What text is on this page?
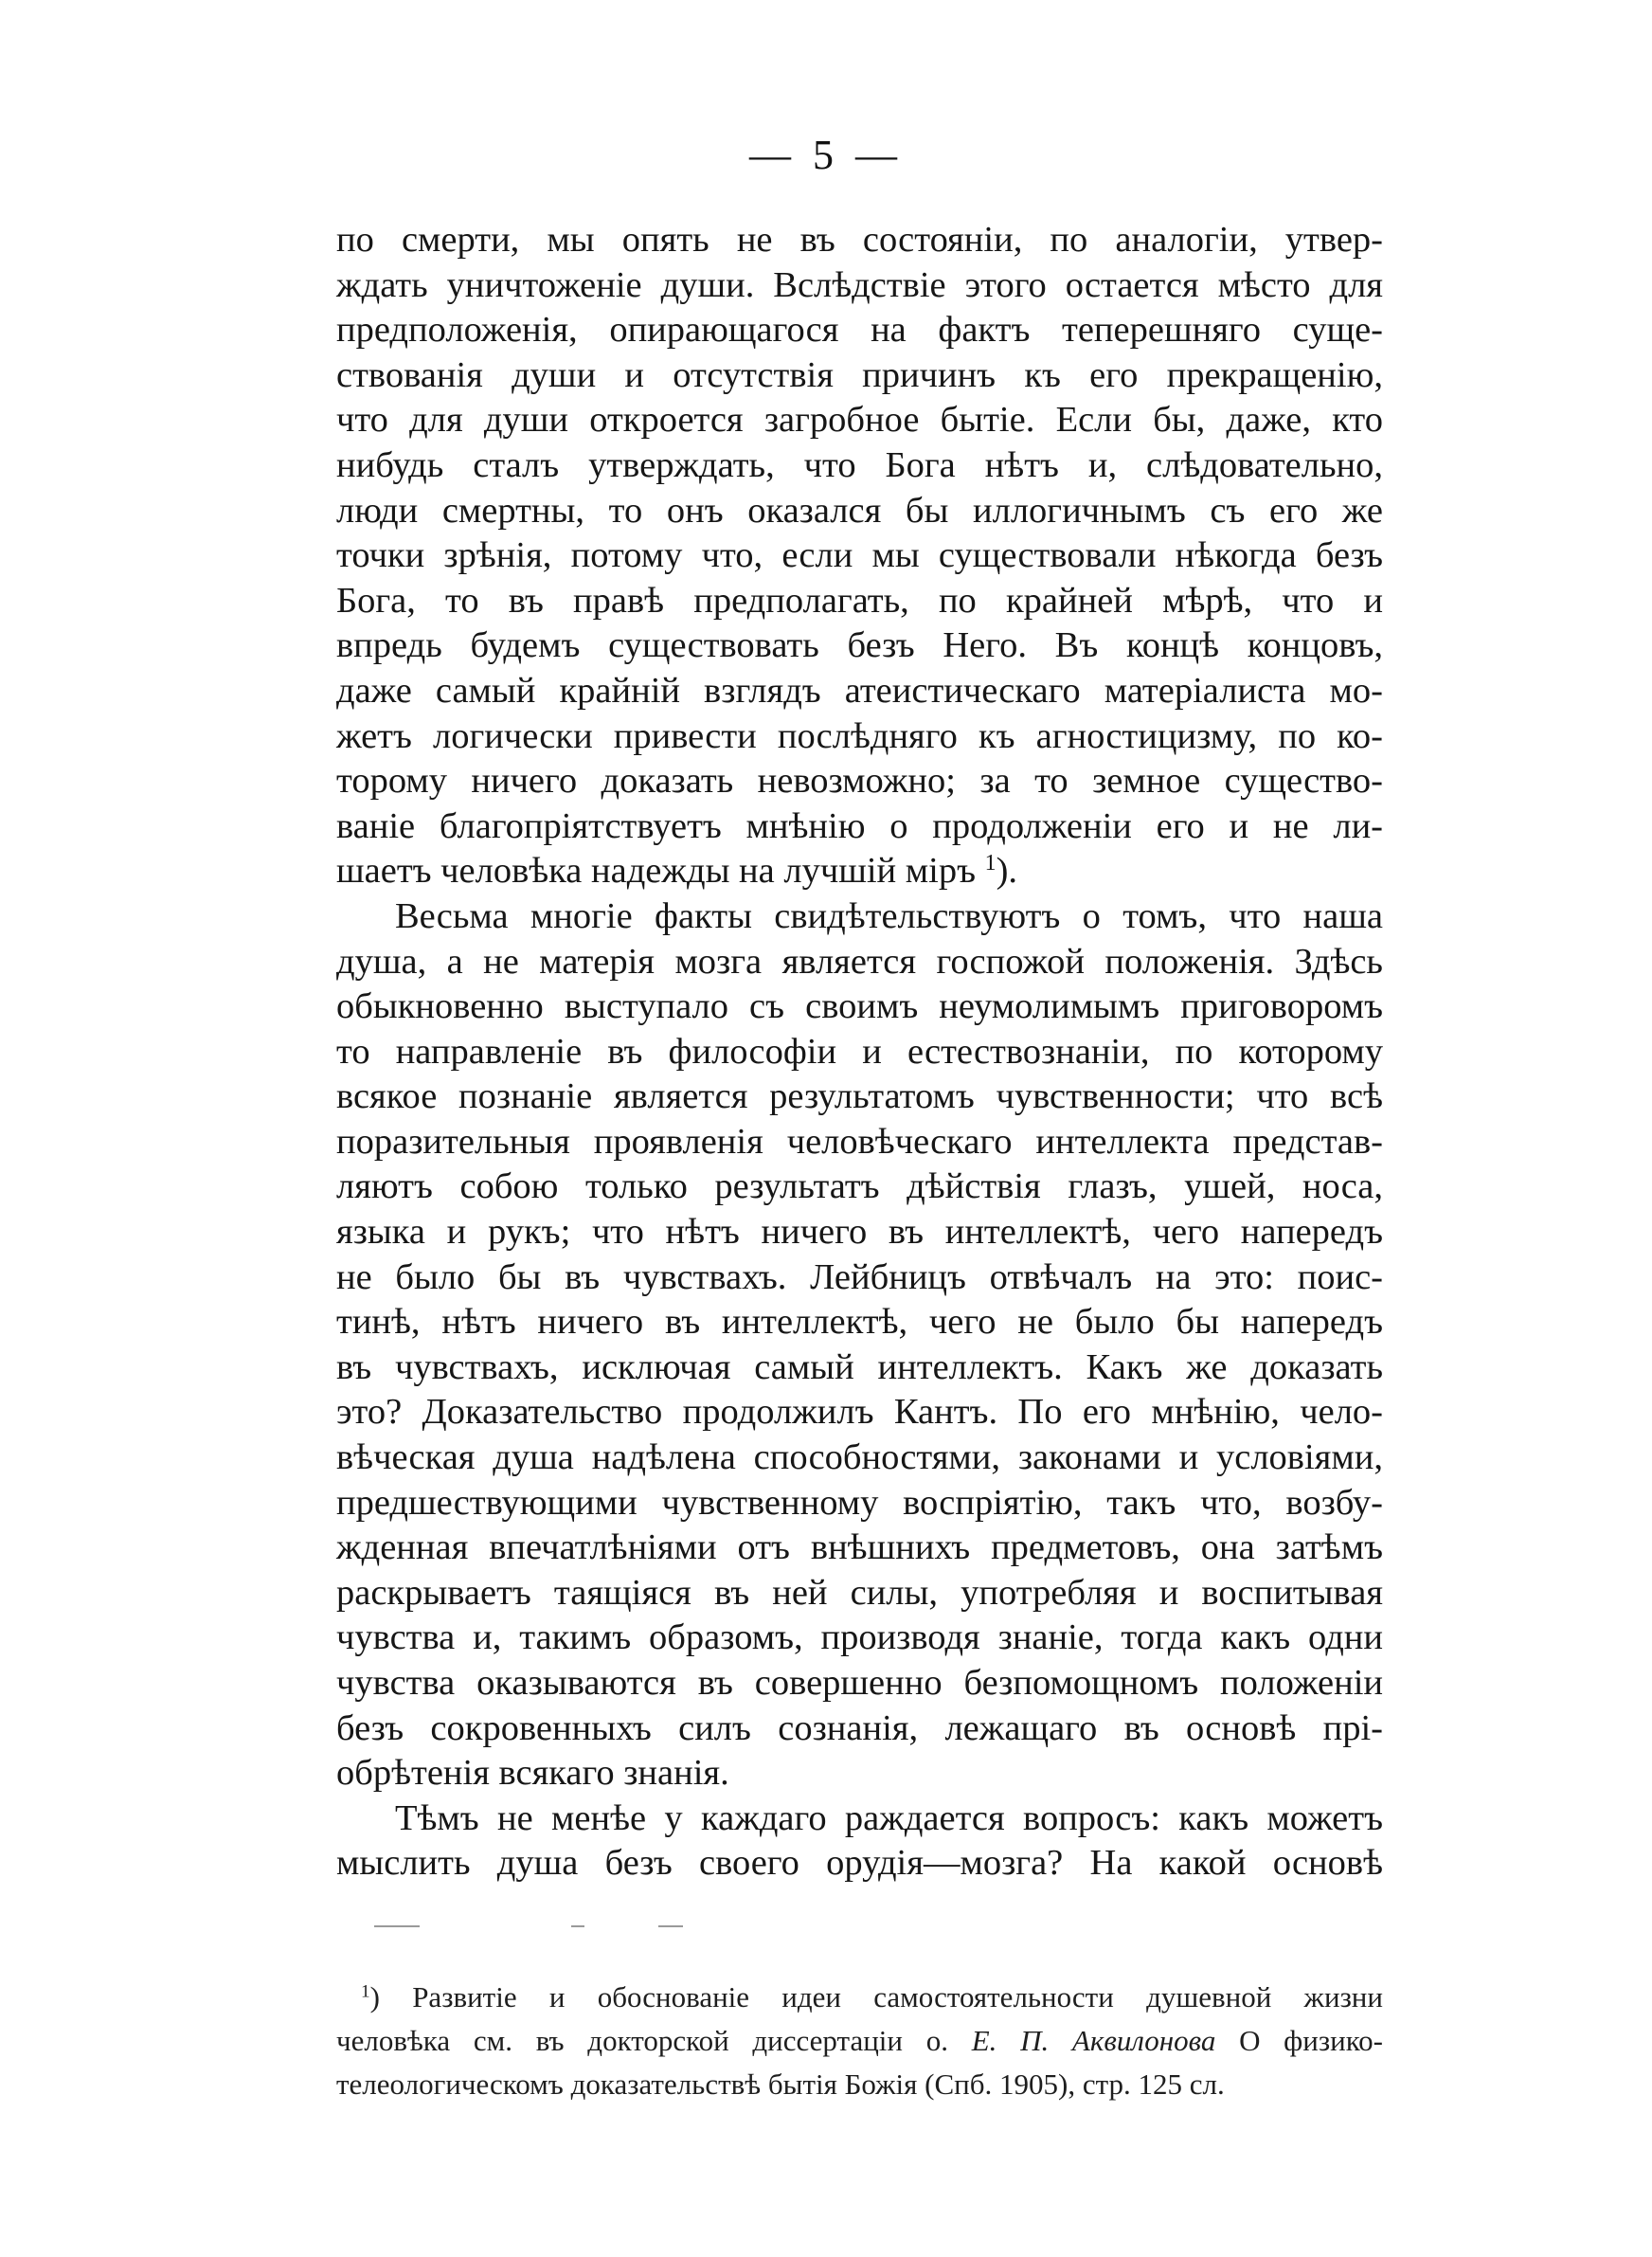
— 5 —
по смерти, мы опять не въ состоянiи, по аналогiи, утвер-
ждать уничтоженiе души. Вслѣдствiе этого остается мѣсто для
предположенiя, опирающагося на фактъ теперешняго суще-
ствованiя души и отсутствiя причинъ къ его прекращенiю,
что для души откроется загробное бытiе. Если бы, даже, кто
нибудь сталъ утверждать, что Бога нѣтъ и, слѣдовательно,
люди смертны, то онъ оказался бы иллогичнымъ съ его же
точки зрѣнiя, потому что, если мы существовали нѣкогда безъ
Бога, то въ правѣ предполагать, по крайней мѣрѣ, что и
впредь будемъ существовать безъ Него. Въ концѣ концовъ,
даже самый крайнiй взглядъ атеистическаго матерiалиста мо-
жетъ логически привести послѣдняго къ агностицизму, по ко-
торому ничего доказать невозможно; за то земное существо-
ванiе благопрiятствуетъ мнѣнiю о продолженiи его и не ли-
шаетъ человѣка надежды на лучшiй мiръ $^1$).
Весьма многiе факты свидѣтельствуютъ о томъ, что наша
душа, а не матерiя мозга является госпожой положенiя. Здѣсь
обыкновенно выступало съ своимъ неумолимымъ приговоромъ
то направленiе въ философiи и естествознанiи, по которому
всякое познанiе является результатомъ чувственности; что всѣ
поразительныя проявленiя человѣческаго интеллекта представ-
ляютъ собою только результатъ дѣйствiя глазъ, ушей, носа,
языка и рукъ; что нѣтъ ничего въ интеллектѣ, чего напередъ
не было бы въ чувствахъ. Лейбницъ отвѣчалъ на это: поис-
тинѣ, нѣтъ ничего въ интеллектѣ, чего не было бы напередъ
въ чувствахъ, исключая самый интеллектъ. Какъ же доказать
это? Доказательство продолжилъ Кантъ. По его мнѣнiю, чело-
вѣческая душа надѣлена способностями, законами и условiями,
предшествующими чувственному воспрiятiю, такъ что, возбу-
жденная впечатлѣнiями отъ внѣшнихъ предметовъ, она затѣмъ
раскрываетъ таящiяся въ ней силы, употребляя и воспитывая
чувства и, такимъ образомъ, производя знанiе, тогда какъ одни
чувства оказываются въ совершенно безпомощномъ положенiи
безъ сокровенныхъ силъ сознанiя, лежащаго въ основѣ прi-
обрѣтенiя всякаго знанiя.
Тѣмъ не менѣе у каждаго раждается вопросъ: какъ можетъ
мыслить душа безъ своего орудiя—мозга? На какой основѣ
$^1$) Развитiе и обоснованiе идеи самостоятельности душевной жизни
человѣка см. въ докторской диссертацiи о. Е. П. Аквилонова О физико-
телеологическомъ доказательствѣ бытiя Божiя (Спб. 1905), стр. 125 сл.
